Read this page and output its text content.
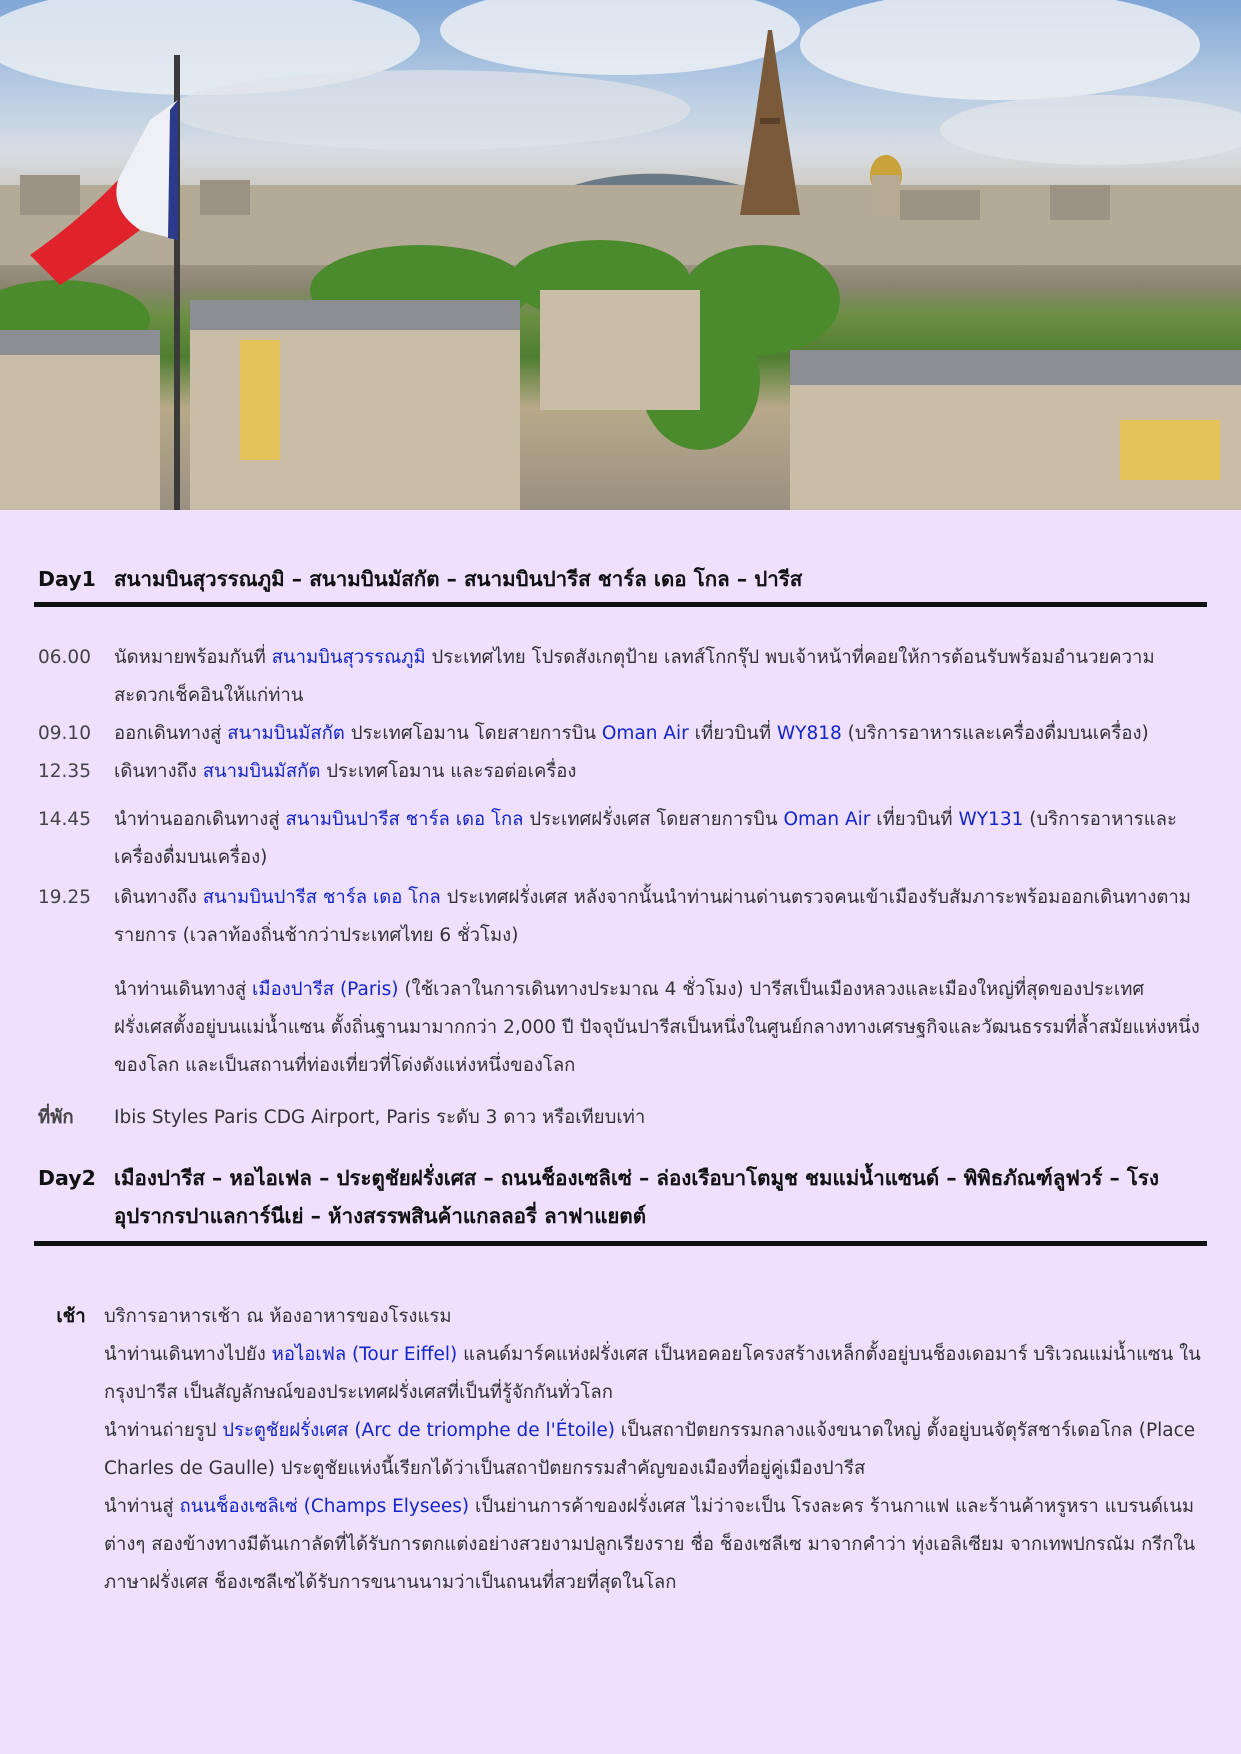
Day1 สนามบินสุวรรณภูมิ – สนามบินมัสกัต – สนามบินปารีส ชาร์ล เดอ โกล – ปารีส
06.00	นัดหมายพร้อมกันที่ สนามบินสุวรรณภูมิ ประเทศไทย โปรดสังเกตุป้าย เลทส์โกกรุ๊ป พบเจ้าหน้าที่คอยให้การต้อนรับพร้อมอำนวยความสะดวกเช็คอินให้แก่ท่าน
09.10	ออกเดินทางสู่ สนามบินมัสกัต ประเทศโอมาน โดยสายการบิน Oman Air เที่ยวบินที่ WY818 (บริการอาหารและเครื่องดื่มบนเครื่อง)
12.35	เดินทางถึง สนามบินมัสกัต ประเทศโอมาน และรอต่อเครื่อง
14.45	นำท่านออกเดินทางสู่ สนามบินปารีส ชาร์ล เดอ โกล ประเทศฝรั่งเศส โดยสายการบิน Oman Air เที่ยวบินที่ WY131 (บริการอาหารและเครื่องดื่มบนเครื่อง)
19.25	เดินทางถึง สนามบินปารีส ชาร์ล เดอ โกล ประเทศฝรั่งเศส หลังจากนั้นนำท่านผ่านด่านตรวจคนเข้าเมืองรับสัมภาระพร้อมออกเดินทางตามรายการ (เวลาท้องถิ่นช้ากว่าประเทศไทย 6 ชั่วโมง)
นำท่านเดินทางสู่ เมืองปารีส (Paris) (ใช้เวลาในการเดินทางประมาณ 4 ชั่วโมง) ปารีสเป็นเมืองหลวงและเมืองใหญ่ที่สุดของประเทศฝรั่งเศสตั้งอยู่บนแม่น้ำแซน ตั้งถิ่นฐานมามากกว่า 2,000 ปี ปัจจุบันปารีสเป็นหนึ่งในศูนย์กลางทางเศรษฐกิจและวัฒนธรรมที่ล้ำสมัยแห่งหนึ่งของโลก และเป็นสถานที่ท่องเที่ยวที่โด่งดังแห่งหนึ่งของโลก
ที่พัก	Ibis Styles Paris CDG Airport, Paris ระดับ 3 ดาว หรือเทียบเท่า
Day2 เมืองปารีส – หอไอเฟล – ประตูชัยฝรั่งเศส – ถนนช็องเซลิเซ่ – ล่องเรือบาโตมูช ชมแม่น้ำแซนด์ – พิพิธภัณฑ์ลูฟวร์ – โรงอุปรากรปาแลการ์นีเย่ – ห้างสรรพสินค้าแกลลอรี่ ลาฟาแยตต์
เช้า บริการอาหารเช้า ณ ห้องอาหารของโรงแรม
นำท่านเดินทางไปยัง หอไอเฟล (Tour Eiffel) แลนด์มาร์คแห่งฝรั่งเศส เป็นหอคอยโครงสร้างเหล็กตั้งอยู่บนช็องเดอมาร์ บริเวณแม่น้ำแซน ในกรุงปารีส เป็นสัญลักษณ์ของประเทศฝรั่งเศสที่เป็นที่รู้จักกันทั่วโลก
นำท่านถ่ายรูป ประตูชัยฝรั่งเศส (Arc de triomphe de l'Étoile) เป็นสถาปัตยกรรมกลางแจ้งขนาดใหญ่ ตั้งอยู่บนจัตุรัสชาร์เดอโกล (Place Charles de Gaulle) ประตูชัยแห่งนี้เรียกได้ว่าเป็นสถาปัตยกรรมสำคัญของเมืองที่อยู่คู่เมืองปารีส
นำท่านสู่ ถนนช็องเซลิเซ่ (Champs Elysees) เป็นย่านการค้าของฝรั่งเศส ไม่ว่าจะเป็น โรงละคร ร้านกาแฟ และร้านค้าหรูหรา แบรนด์เนมต่างๆ สองข้างทางมีต้นเกาลัดที่ได้รับการตกแต่งอย่างสวยงามปลูกเรียงราย ชื่อ ช็องเซลีเซ มาจากคำว่า ทุ่งเอลิเซียม จากเทพปกรณัม กรีกในภาษาฝรั่งเศส ช็องเซลีเซได้รับการขนานนามว่าเป็นถนนที่สวยที่สุดในโลก
